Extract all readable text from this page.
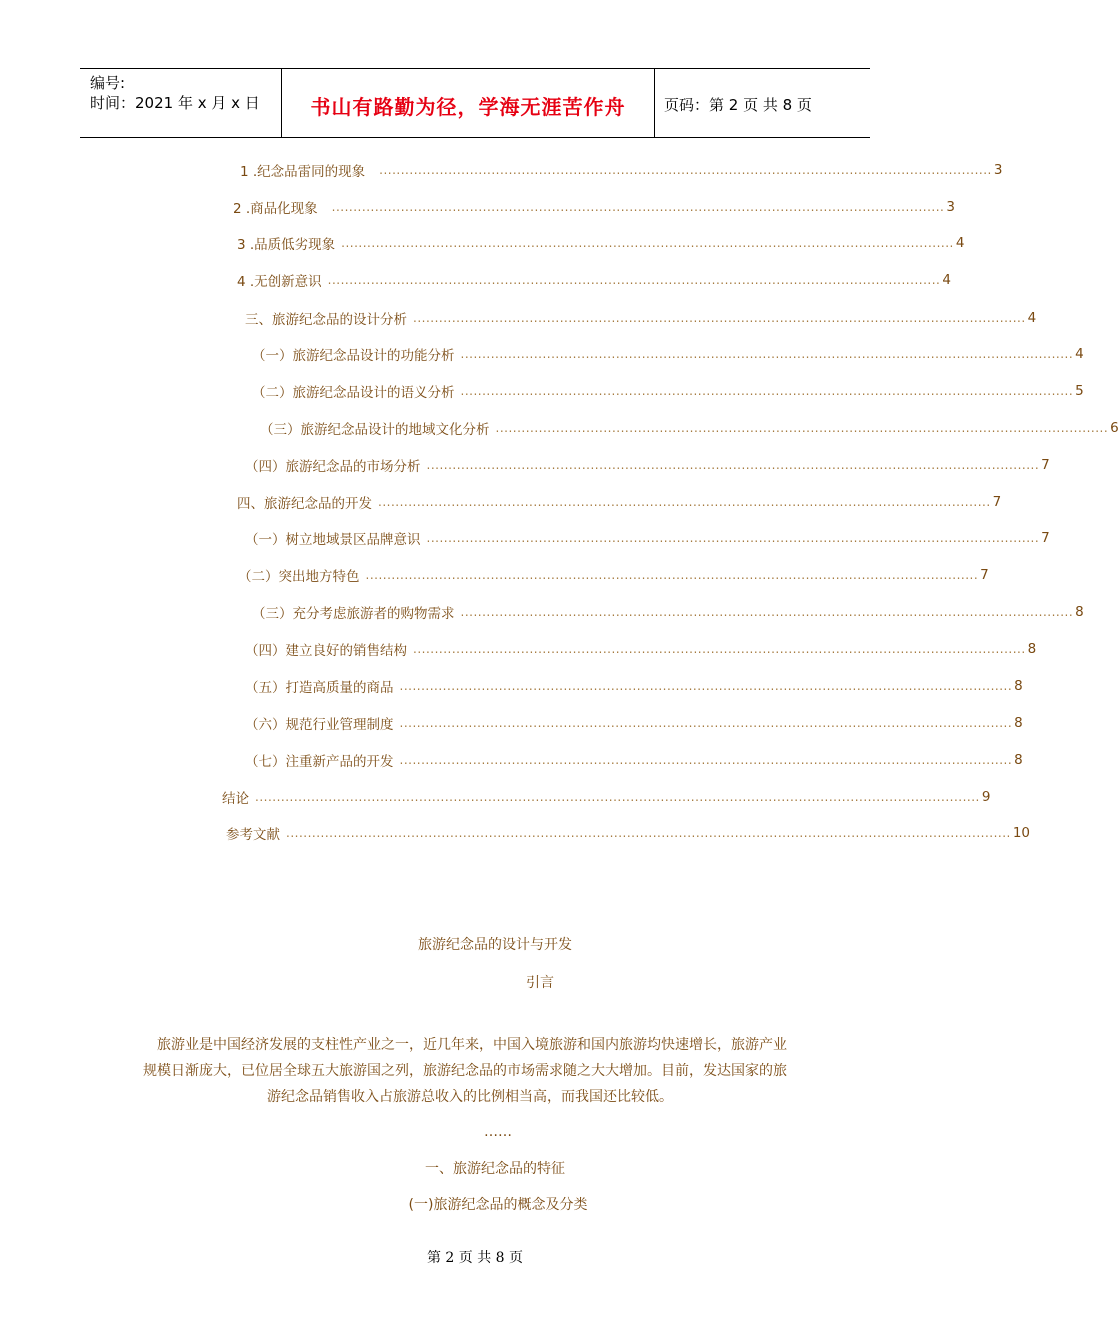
编号:
时间：2021 年 x 月 x 日	书山有路勤为径，学海无涯苦作舟	页码：第 2 页 共 8 页
1 .纪念品雷同的现象 .............................................................................................................................................. 3
2 .商品化现象 .............................................................................................................................................. 3
3 .品质低劣现象 .............................................................................................................................................. 4
4 .无创新意识 .............................................................................................................................................. 4
三、旅游纪念品的设计分析 .............................................................................................................................................. 4
（一）旅游纪念品设计的功能分析 .............................................................................................................................................. 4
（二）旅游纪念品设计的语义分析 .............................................................................................................................................. 5
（三）旅游纪念品设计的地域文化分析 .............................................................................................................................................. 6
（四）旅游纪念品的市场分析 .............................................................................................................................................. 7
四、旅游纪念品的开发 .............................................................................................................................................. 7
（一）树立地域景区品牌意识 .............................................................................................................................................. 7
（二）突出地方特色 .............................................................................................................................................. 7
（三）充分考虑旅游者的购物需求 .............................................................................................................................................. 8
（四）建立良好的销售结构 .............................................................................................................................................. 8
（五）打造高质量的商品 .............................................................................................................................................. 8
（六）规范行业管理制度 .............................................................................................................................................. 8
（七）注重新产品的开发 .............................................................................................................................................. 8
结论 ........................................................................................................................................................................ 9
参考文献 ........................................................................................................................................................................ 10
旅游纪念品的设计与开发
引言
旅游业是中国经济发展的支柱性产业之一，近几年来，中国入境旅游和国内旅游均快速增长，旅游产业
规模日渐庞大，已位居全球五大旅游国之列，旅游纪念品的市场需求随之大大增加。目前，发达国家的旅
游纪念品销售收入占旅游总收入的比例相当高，而我国还比较低。
……
一、旅游纪念品的特征
(一)旅游纪念品的概念及分类
第 2 页 共 8 页
